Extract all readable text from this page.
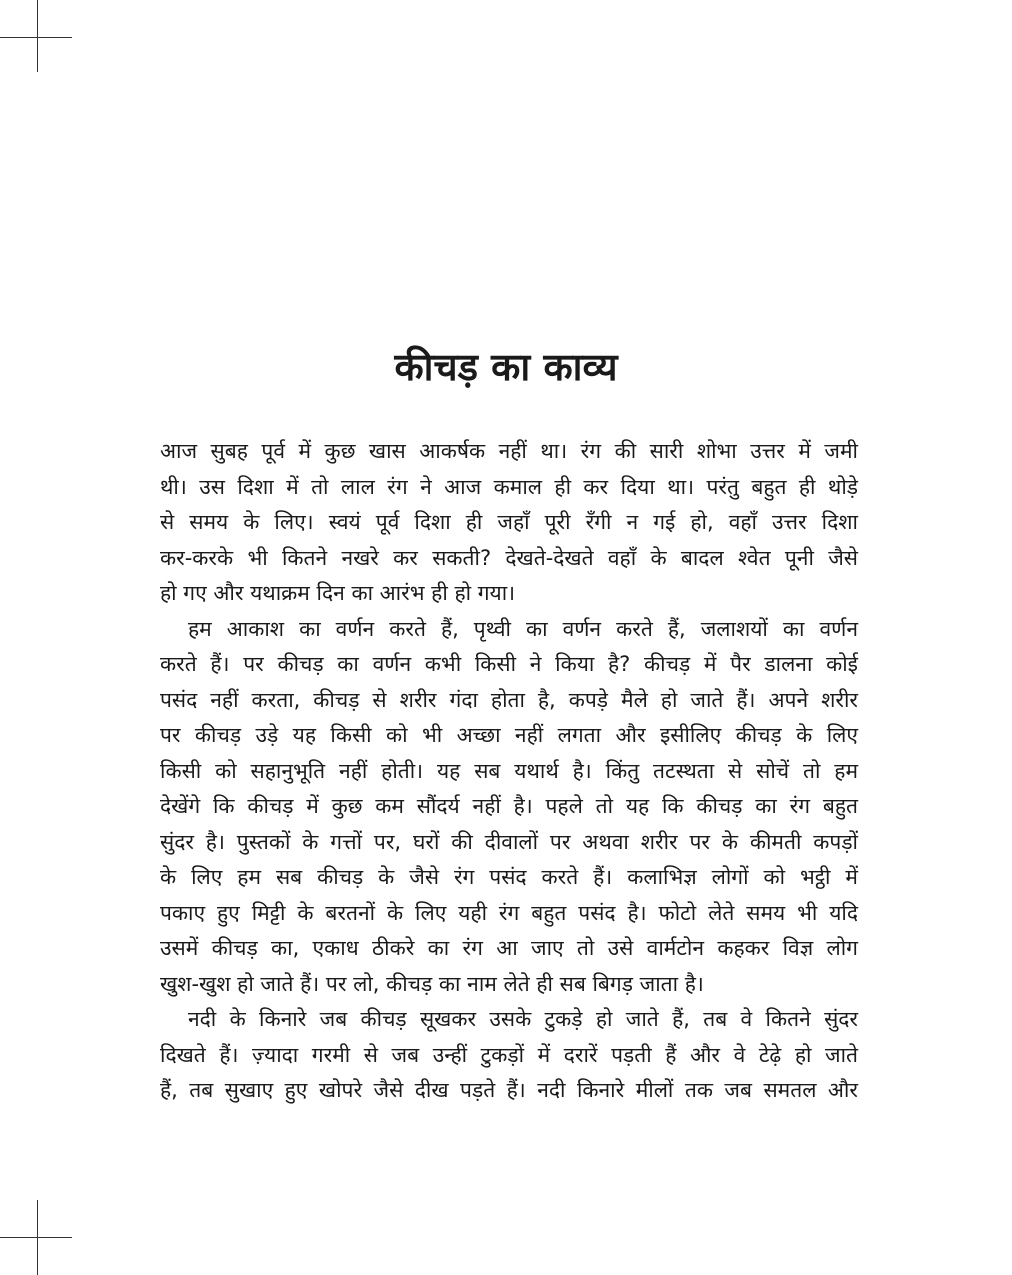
कीचड़ का काव्य
आज सुबह पूर्व में कुछ खास आकर्षक नहीं था। रंग की सारी शोभा उत्तर में जमी
थी। उस दिशा में तो लाल रंग ने आज कमाल ही कर दिया था। परंतु बहुत ही थोड़े
से समय के लिए। स्वयं पूर्व दिशा ही जहाँ पूरी रँगी न गई हो, वहाँ उत्तर दिशा
कर-करके भी कितने नखरे कर सकती? देखते-देखते वहाँ के बादल श्वेत पूनी जैसे
हो गए और यथाक्रम दिन का आरंभ ही हो गया।
हम आकाश का वर्णन करते हैं, पृथ्वी का वर्णन करते हैं, जलाशयों का वर्णन
करते हैं। पर कीचड़ का वर्णन कभी किसी ने किया है? कीचड़ में पैर डालना कोई
पसंद नहीं करता, कीचड़ से शरीर गंदा होता है, कपड़े मैले हो जाते हैं। अपने शरीर
पर कीचड़ उड़े यह किसी को भी अच्छा नहीं लगता और इसीलिए कीचड़ के लिए
किसी को सहानुभूति नहीं होती। यह सब यथार्थ है। किंतु तटस्थता से सोचें तो हम
देखेंगे कि कीचड़ में कुछ कम सौंदर्य नहीं है। पहले तो यह कि कीचड़ का रंग बहुत
सुंदर है। पुस्तकों के गत्तों पर, घरों की दीवालों पर अथवा शरीर पर के कीमती कपड़ों
के लिए हम सब कीचड़ के जैसे रंग पसंद करते हैं। कलाभिज्ञ लोगों को भट्ठी में
पकाए हुए मिट्टी के बरतनों के लिए यही रंग बहुत पसंद है। फोटो लेते समय भी यदि
उसमें कीचड़ का, एकाध ठीकरे का रंग आ जाए तो उसे वार्मटोन कहकर विज्ञ लोग
खुश-खुश हो जाते हैं। पर लो, कीचड़ का नाम लेते ही सब बिगड़ जाता है।
नदी के किनारे जब कीचड़ सूखकर उसके टुकड़े हो जाते हैं, तब वे कितने सुंदर
दिखते हैं। ज़्यादा गरमी से जब उन्हीं टुकड़ों में दरारें पड़ती हैं और वे टेढ़े हो जाते
हैं, तब सुखाए हुए खोपरे जैसे दीख पड़ते हैं। नदी किनारे मीलों तक जब समतल और
